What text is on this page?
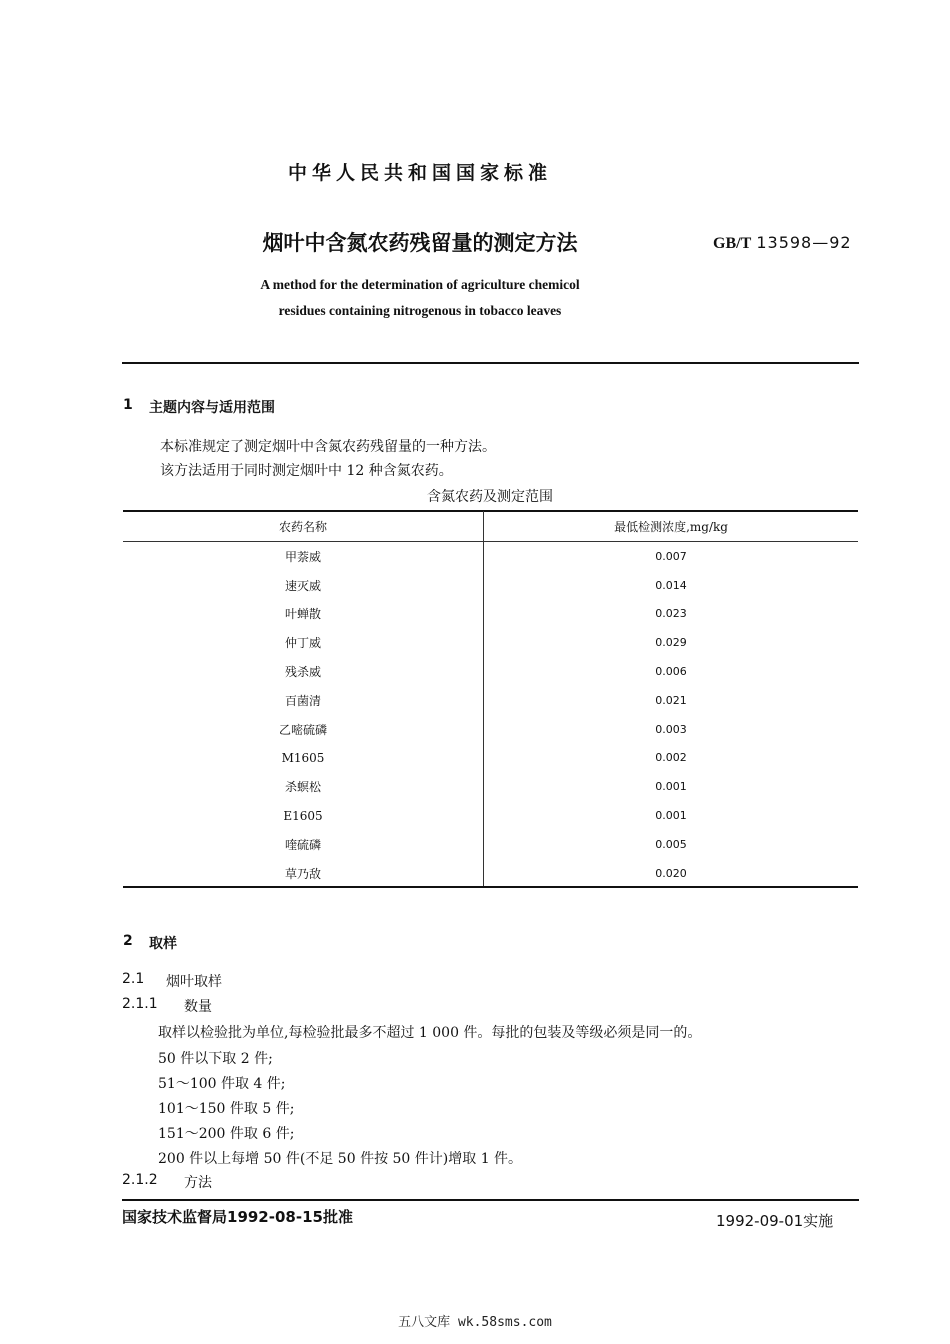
中华人民共和国国家标准
烟叶中含氮农药残留量的测定方法	GB/T 13598—92
A method for the determination of agriculture chemicol
residues containing nitrogenous in tobacco leaves
1 主题内容与适用范围
本标准规定了测定烟叶中含氮农药残留量的一种方法。
该方法适用于同时测定烟叶中 12 种含氮农药。
含氮农药及测定范围
农药名称	最低检测浓度,mg/kg
甲萘威	0.007
速灭威	0.014
叶蝉散	0.023
仲丁威	0.029
残杀威	0.006
百菌清	0.021
乙嘧硫磷	0.003
M1605	0.002
杀螟松	0.001
E1605	0.001
喹硫磷	0.005
草乃敌	0.020
2 取样
2.1 烟叶取样
2.1.1 数量
取样以检验批为单位,每检验批最多不超过 1 000 件。每批的包装及等级必须是同一的。
50 件以下取 2 件;
51～100 件取 4 件;
101～150 件取 5 件;
151～200 件取 6 件;
200 件以上每增 50 件(不足 50 件按 50 件计)增取 1 件。
2.1.2 方法
国家技术监督局1992-08-15批准	1992-09-01实施
五八文库 wk.58sms.com
